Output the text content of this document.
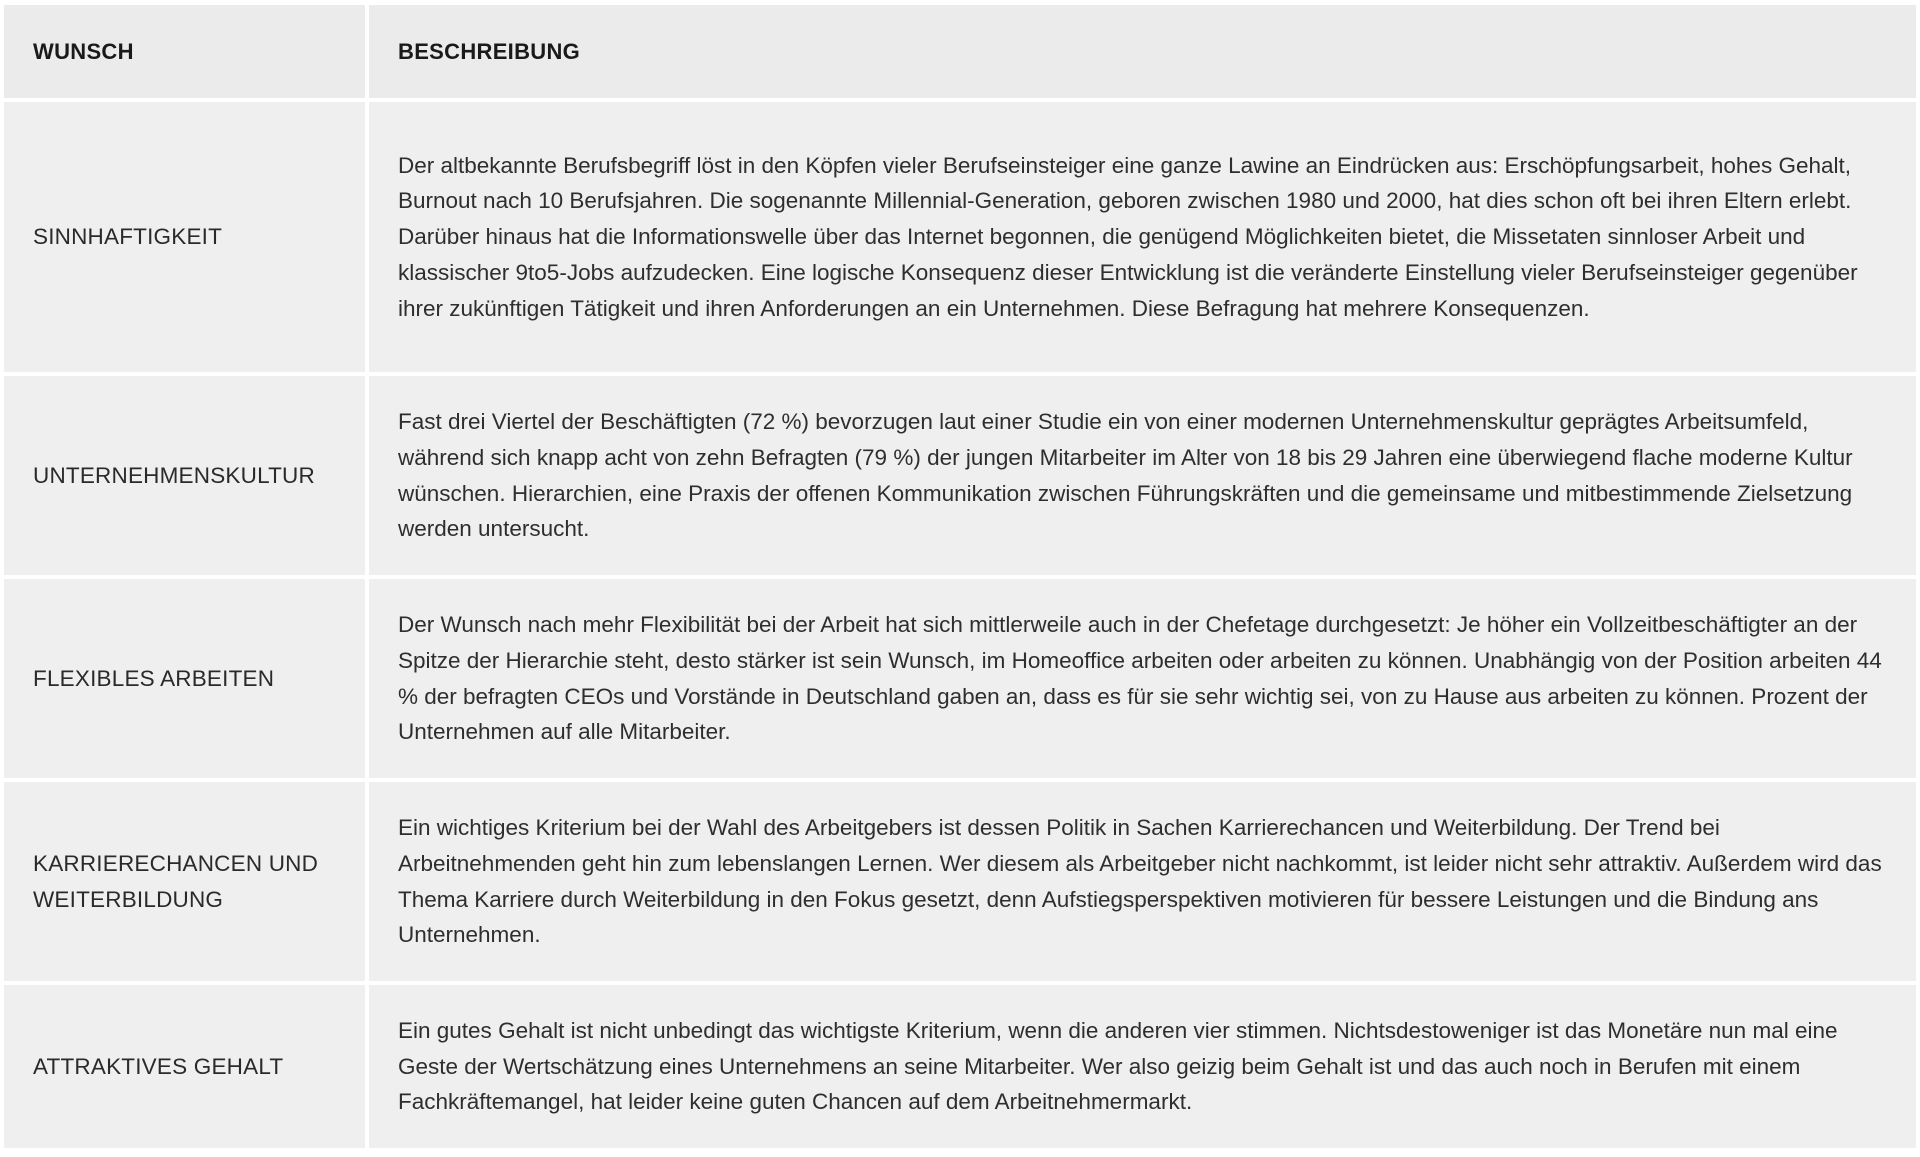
WUNSCH	BESCHREIBUNG
SINNHAFTIGKEIT	Der altbekannte Berufsbegriff löst in den Köpfen vieler Berufseinsteiger eine ganze Lawine an Eindrücken aus: Erschöpfungsarbeit, hohes Gehalt, Burnout nach 10 Berufsjahren. Die sogenannte Millennial-Generation, geboren zwischen 1980 und 2000, hat dies schon oft bei ihren Eltern erlebt. Darüber hinaus hat die Informationswelle über das Internet begonnen, die genügend Möglichkeiten bietet, die Missetaten sinnloser Arbeit und klassischer 9to5-Jobs aufzudecken. Eine logische Konsequenz dieser Entwicklung ist die veränderte Einstellung vieler Berufseinsteiger gegenüber ihrer zukünftigen Tätigkeit und ihren Anforderungen an ein Unternehmen. Diese Befragung hat mehrere Konsequenzen.
UNTERNEHMENSKULTUR	Fast drei Viertel der Beschäftigten (72 %) bevorzugen laut einer Studie ein von einer modernen Unternehmenskultur geprägtes Arbeitsumfeld, während sich knapp acht von zehn Befragten (79 %) der jungen Mitarbeiter im Alter von 18 bis 29 Jahren eine überwiegend flache moderne Kultur wünschen. Hierarchien, eine Praxis der offenen Kommunikation zwischen Führungskräften und die gemeinsame und mitbestimmende Zielsetzung werden untersucht.
FLEXIBLES ARBEITEN	Der Wunsch nach mehr Flexibilität bei der Arbeit hat sich mittlerweile auch in der Chefetage durchgesetzt: Je höher ein Vollzeitbeschäftigter an der Spitze der Hierarchie steht, desto stärker ist sein Wunsch, im Homeoffice arbeiten oder arbeiten zu können. Unabhängig von der Position arbeiten 44 % der befragten CEOs und Vorstände in Deutschland gaben an, dass es für sie sehr wichtig sei, von zu Hause aus arbeiten zu können. Prozent der Unternehmen auf alle Mitarbeiter.
KARRIERECHANCEN UND WEITERBILDUNG	Ein wichtiges Kriterium bei der Wahl des Arbeitgebers ist dessen Politik in Sachen Karrierechancen und Weiterbildung. Der Trend bei Arbeitnehmenden geht hin zum lebenslangen Lernen. Wer diesem als Arbeitgeber nicht nachkommt, ist leider nicht sehr attraktiv. Außerdem wird das Thema Karriere durch Weiterbildung in den Fokus gesetzt, denn Aufstiegsperspektiven motivieren für bessere Leistungen und die Bindung ans Unternehmen.
ATTRAKTIVES GEHALT	Ein gutes Gehalt ist nicht unbedingt das wichtigste Kriterium, wenn die anderen vier stimmen. Nichtsdestoweniger ist das Monetäre nun mal eine Geste der Wertschätzung eines Unternehmens an seine Mitarbeiter. Wer also geizig beim Gehalt ist und das auch noch in Berufen mit einem Fachkräftemangel, hat leider keine guten Chancen auf dem Arbeitnehmermarkt.
